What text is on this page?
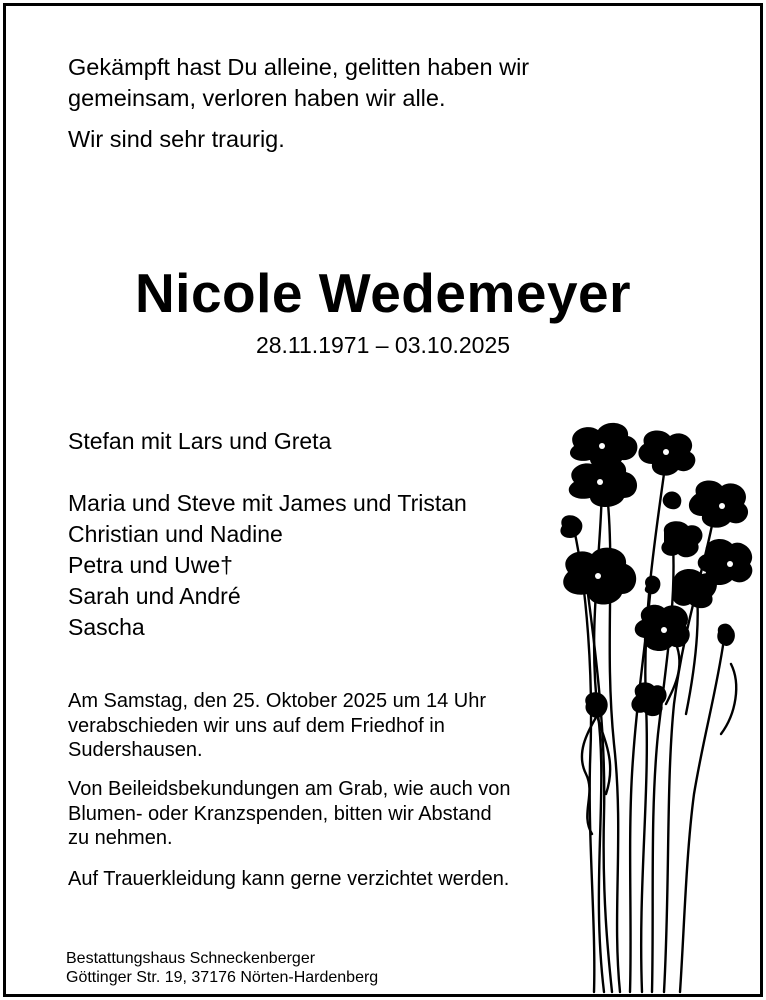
Gekämpft hast Du alleine, gelitten haben wir
gemeinsam, verloren haben wir alle.
Wir sind sehr traurig.
Nicole Wedemeyer
28.11.1971 – 03.10.2025
Stefan mit Lars und Greta
Maria und Steve mit James und Tristan
Christian und Nadine
Petra und Uwe†
Sarah und André
Sascha
Am Samstag, den 25. Oktober 2025 um 14 Uhr
verabschieden wir uns auf dem Friedhof in
Sudershausen.
Von Beileidsbekundungen am Grab, wie auch von
Blumen- oder Kranzspenden, bitten wir Abstand
zu nehmen.
Auf Trauerkleidung kann gerne verzichtet werden.
Bestattungshaus Schneckenberger
Göttinger Str. 19, 37176 Nörten-Hardenberg
